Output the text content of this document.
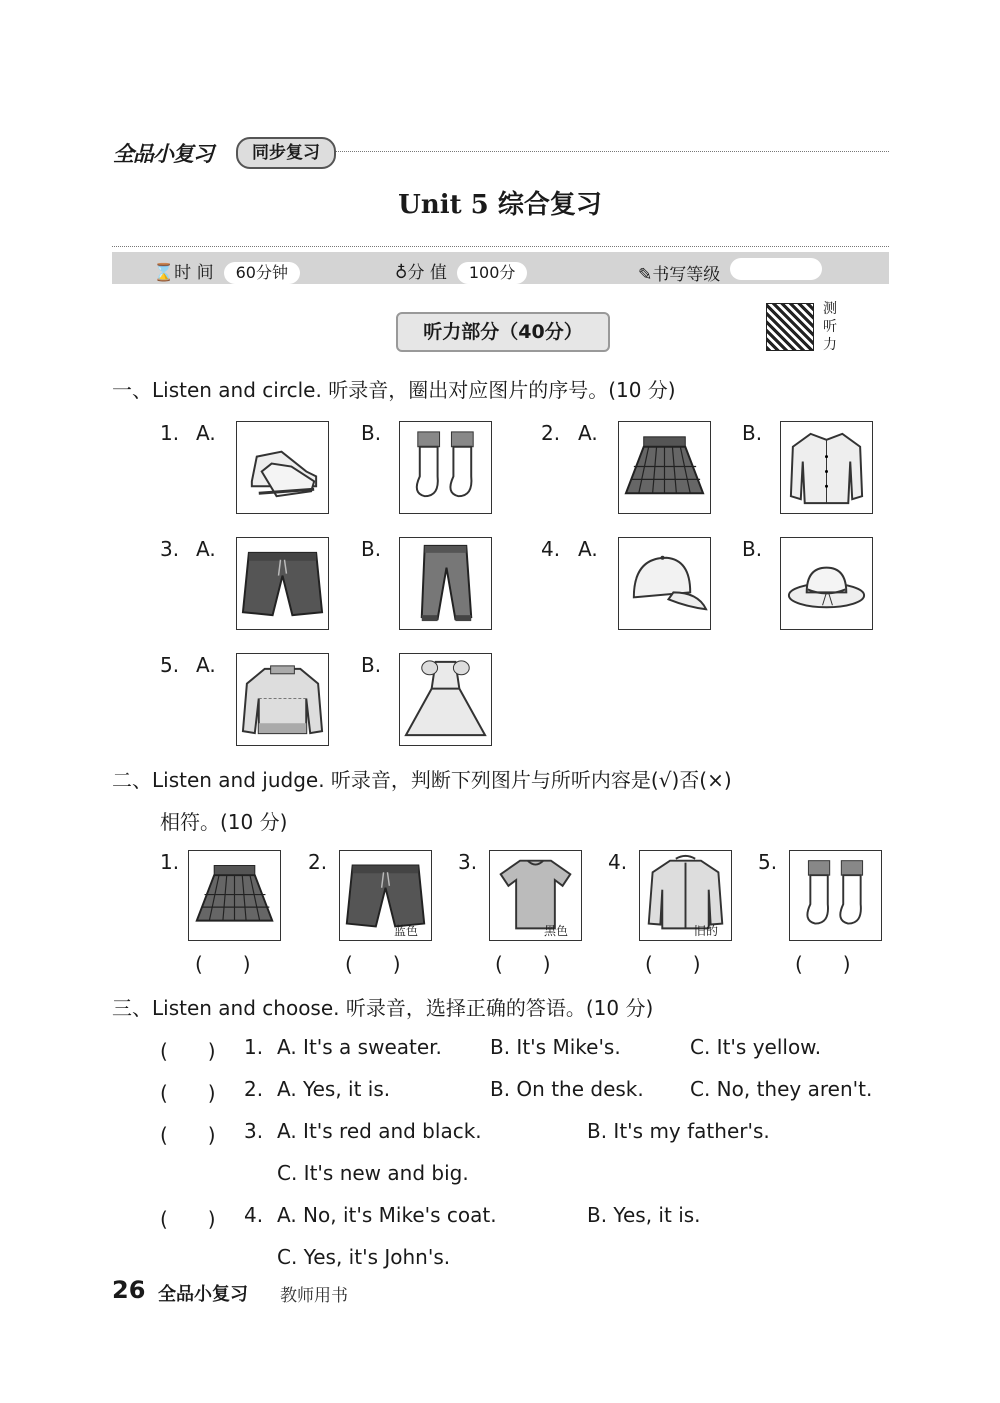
全品小复习	同步复习
Unit 5 综合复习
⌛时 间 60分钟	♁分 值 100分	✎书写等级
听力部分（40分）
测听力
一、Listen and circle. 听录音，圈出对应图片的序号。(10 分)
1. A.	B.	2. A.	B.
3. A.	B.	4. A.	B.
5. A.	B.
二、Listen and judge. 听录音，判断下列图片与所听内容是(√)否(×)
相符。(10 分)
1.
(　　)
2.
蓝色
(　　)
3.
黑色
(　　)
4.
旧的
(　　)
5.
(　　)
三、Listen and choose. 听录音，选择正确的答语。(10 分)
(　　) 1. A. It's a sweater. B. It's Mike's.	C. It's yellow.
(　　) 2. A. Yes, it is.	B. On the desk. C. No, they aren't.
(　　) 3. A. It's red and black.	B. It's my father's.
C. It's new and big.
(　　) 4. A. No, it's Mike's coat.	B. Yes, it is.
C. Yes, it's John's.
26 全品小复习 教师用书
